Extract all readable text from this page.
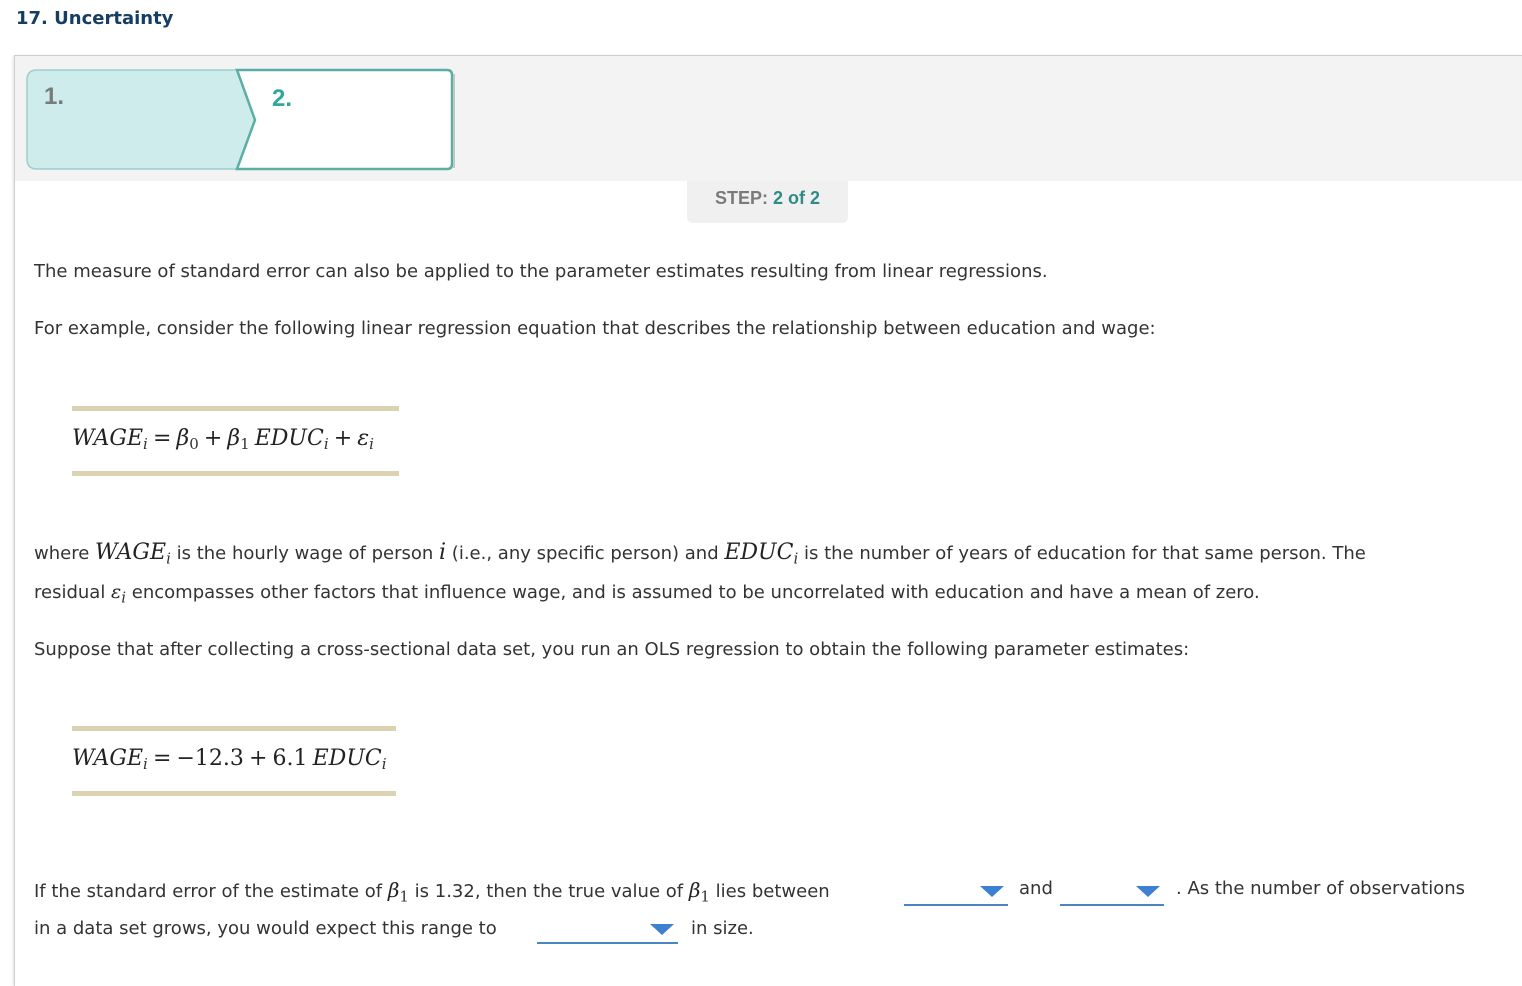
17. Uncertainty
1.	2.
STEP: 2 of 2
The measure of standard error can also be applied to the parameter estimates resulting from linear regressions.
For example, consider the following linear regression equation that describes the relationship between education and wage:
$WAGE_i = \beta_0 + \beta_1$ $EDUC_i + \varepsilon_i$
where $WAGE_i$ is the hourly wage of person i (i.e., any specific person) and $EDUC_i$ is the number of years of education for that same person. The
residual $\varepsilon_i$ encompasses other factors that influence wage, and is assumed to be uncorrelated with education and have a mean of zero.
Suppose that after collecting a cross-sectional data set, you run an OLS regression to obtain the following parameter estimates:
$WAGE_i = -12.3 + 6.1$ $EDUC_i$
If the standard error of the estimate of $\beta_1$ is 1.32, then the true value of $\beta_1$ lies between	and	. As the number of observations
in a data set grows, you would expect this range to	in size.
